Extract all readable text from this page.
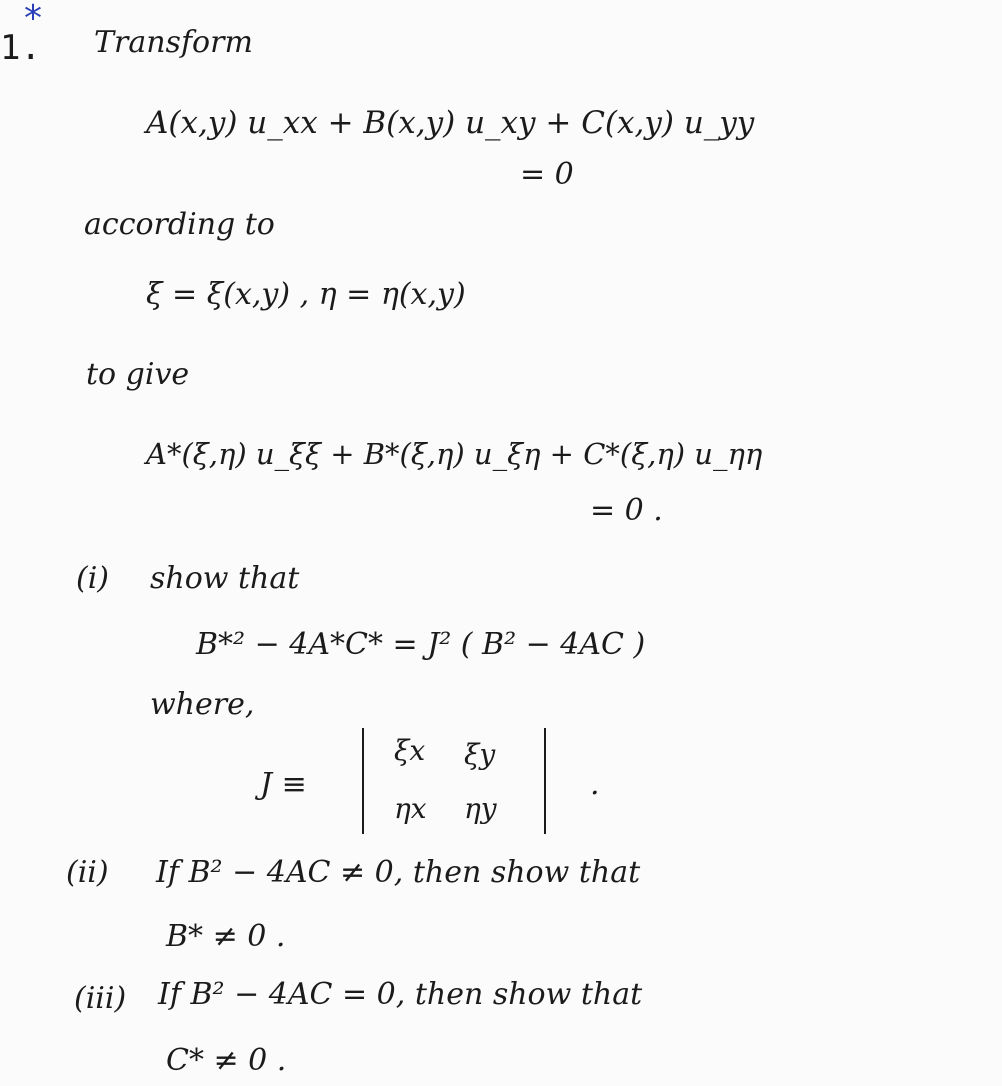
1.
*
Transform
A(x,y) u_xx + B(x,y) u_xy + C(x,y) u_yy
= 0
according to
ξ = ξ(x,y) , η = η(x,y)
to give
A*(ξ,η) u_ξξ + B*(ξ,η) u_ξη + C*(ξ,η) u_ηη
= 0 .
(i) show that
B*² − 4A*C* = J² ( B² − 4AC )
where,
J ≡
ξx ξy
ηx ηy
.
(ii) If B² − 4AC ≠ 0, then show that
B* ≠ 0 .
(iii) If B² − 4AC = 0, then show that
C* ≠ 0 .
